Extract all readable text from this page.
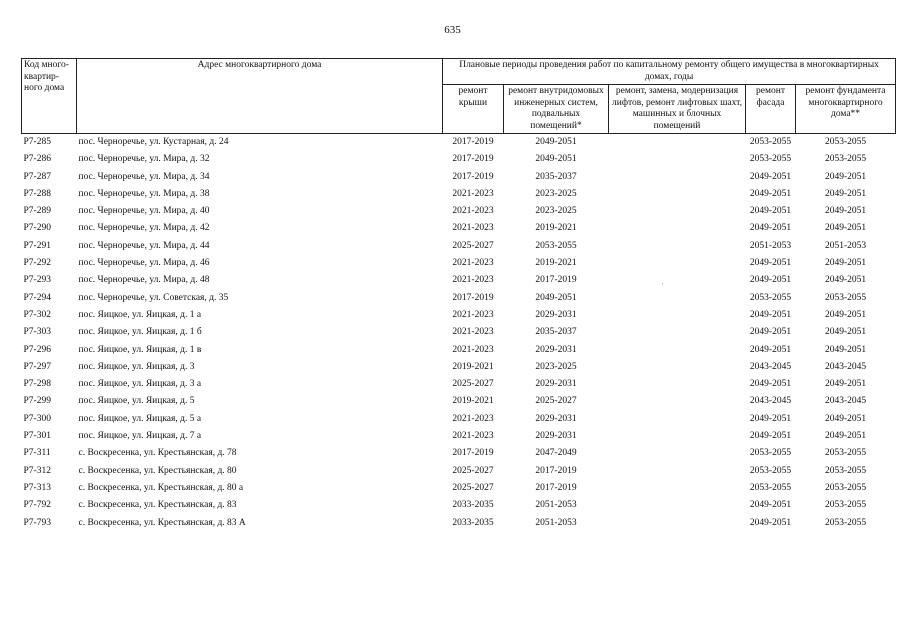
635
Код много-квартир-ного дома	Адрес многоквартирного дома	Плановые периоды проведения работ по капитальному ремонту общего имущества в многоквартирных домах, годы				
		ремонт крыши	ремонт внутридомовых инженерных систем, подвальных помещений*	ремонт, замена, модернизация лифтов, ремонт лифтовых шахт, машинных и блочных помещений	ремонт фасада	ремонт фундамента многоквартирного дома**
Р7-285	пос. Черноречье, ул. Кустарная, д. 24	2017-2019	2049-2051		2053-2055	2053-2055
Р7-286	пос. Черноречье, ул. Мира, д. 32	2017-2019	2049-2051		2053-2055	2053-2055
Р7-287	пос. Черноречье, ул. Мира, д. 34	2017-2019	2035-2037		2049-2051	2049-2051
Р7-288	пос. Черноречье, ул. Мира, д. 38	2021-2023	2023-2025		2049-2051	2049-2051
Р7-289	пос. Черноречье, ул. Мира, д. 40	2021-2023	2023-2025		2049-2051	2049-2051
Р7-290	пос. Черноречье, ул. Мира, д. 42	2021-2023	2019-2021		2049-2051	2049-2051
Р7-291	пос. Черноречье, ул. Мира, д. 44	2025-2027	2053-2055		2051-2053	2051-2053
Р7-292	пос. Черноречье, ул. Мира, д. 46	2021-2023	2019-2021		2049-2051	2049-2051
Р7-293	пос. Черноречье, ул. Мира, д. 48	2021-2023	2017-2019		2049-2051	2049-2051
Р7-294	пос. Черноречье, ул. Советская, д. 35	2017-2019	2049-2051		2053-2055	2053-2055
Р7-302	пос. Яицкое, ул. Яицкая, д. 1 а	2021-2023	2029-2031		2049-2051	2049-2051
Р7-303	пос. Яицкое, ул. Яицкая, д. 1 б	2021-2023	2035-2037		2049-2051	2049-2051
Р7-296	пос. Яицкое, ул. Яицкая, д. 1 в	2021-2023	2029-2031		2049-2051	2049-2051
Р7-297	пос. Яицкое, ул. Яицкая, д. 3	2019-2021	2023-2025		2043-2045	2043-2045
Р7-298	пос. Яицкое, ул. Яицкая, д. 3 а	2025-2027	2029-2031		2049-2051	2049-2051
Р7-299	пос. Яицкое, ул. Яицкая, д. 5	2019-2021	2025-2027		2043-2045	2043-2045
Р7-300	пос. Яицкое, ул. Яицкая, д. 5 а	2021-2023	2029-2031		2049-2051	2049-2051
Р7-301	пос. Яицкое, ул. Яицкая, д. 7 а	2021-2023	2029-2031		2049-2051	2049-2051
Р7-311	с. Воскресенка, ул. Крестьянская, д. 78	2017-2019	2047-2049		2053-2055	2053-2055
Р7-312	с. Воскресенка, ул. Крестьянская, д. 80	2025-2027	2017-2019		2053-2055	2053-2055
Р7-313	с. Воскресенка, ул. Крестьянская, д. 80 а	2025-2027	2017-2019		2053-2055	2053-2055
Р7-792	с. Воскресенка, ул. Крестьянская, д. 83	2033-2035	2051-2053		2049-2051	2053-2055
Р7-793	с. Воскресенка, ул. Крестьянская, д. 83 А	2033-2035	2051-2053		2049-2051	2053-2055
